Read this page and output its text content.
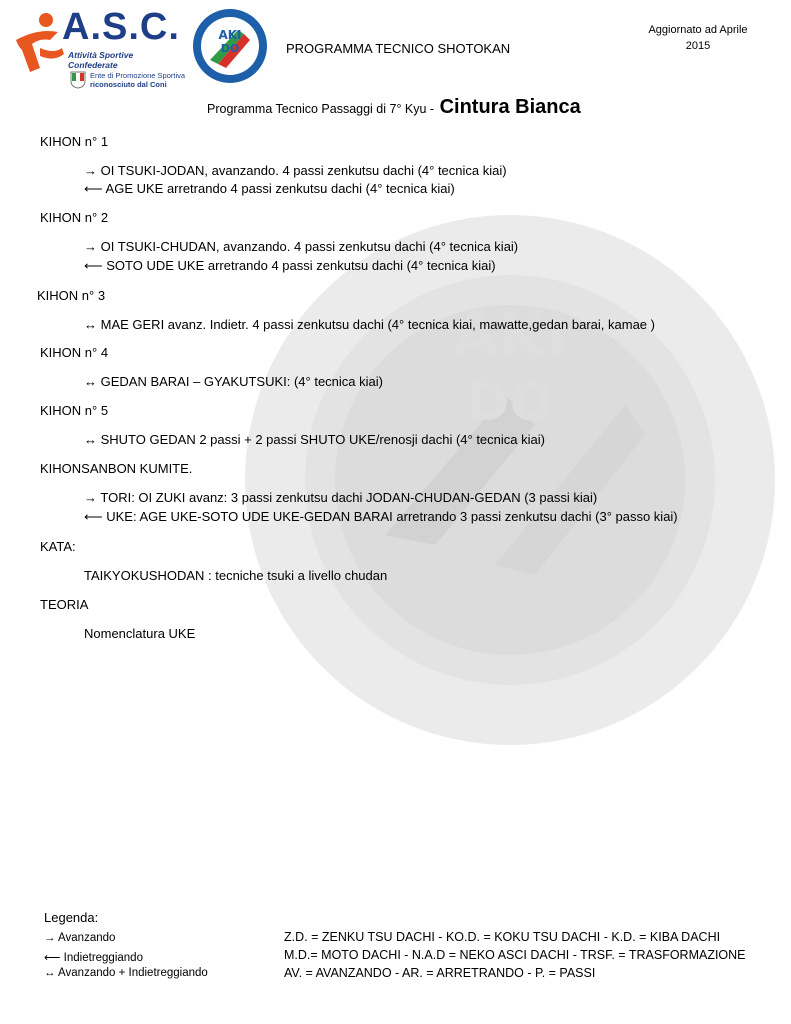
AKI
DO
A.S.C.
Attività Sportive Confederate
Ente di Promozione Sportiva
riconosciuto dal Coni
AKI
DO	PROGRAMMA TECNICO SHOTOKAN
Aggiornato ad Aprile
2015
Programma Tecnico Passaggi di 7° Kyu - Cintura Bianca
KIHON n° 1
→ OI TSUKI-JODAN, avanzando. 4 passi zenkutsu dachi (4° tecnica kiai)
⟵ AGE UKE arretrando 4 passi zenkutsu dachi (4° tecnica kiai)
KIHON n° 2
→ OI TSUKI-CHUDAN, avanzando. 4 passi zenkutsu dachi (4° tecnica kiai)
⟵ SOTO UDE UKE arretrando 4 passi zenkutsu dachi (4° tecnica kiai)
KIHON n° 3
↔ MAE GERI avanz. Indietr. 4 passi zenkutsu dachi (4° tecnica kiai, mawatte,gedan barai, kamae )
KIHON n° 4
↔ GEDAN BARAI – GYAKUTSUKI: (4° tecnica kiai)
KIHON n° 5
↔ SHUTO GEDAN 2 passi + 2 passi SHUTO UKE/renosji dachi (4° tecnica kiai)
KIHONSANBON KUMITE.
→ TORI: OI ZUKI avanz: 3 passi zenkutsu dachi JODAN-CHUDAN-GEDAN (3 passi kiai)
⟵ UKE: AGE UKE-SOTO UDE UKE-GEDAN BARAI arretrando 3 passi zenkutsu dachi (3° passo kiai)
KATA:
TAIKYOKUSHODAN : tecniche tsuki a livello chudan
TEORIA
Nomenclatura UKE
Legenda:
→ Avanzando
⟵ Indietreggiando
↔ Avanzando + Indietreggiando
Z.D. = ZENKU TSU DACHI - KO.D. = KOKU TSU DACHI - K.D. = KIBA DACHI
M.D.= MOTO DACHI - N.A.D = NEKO ASCI DACHI - TRSF. = TRASFORMAZIONE
AV. = AVANZANDO - AR. = ARRETRANDO - P. = PASSI
